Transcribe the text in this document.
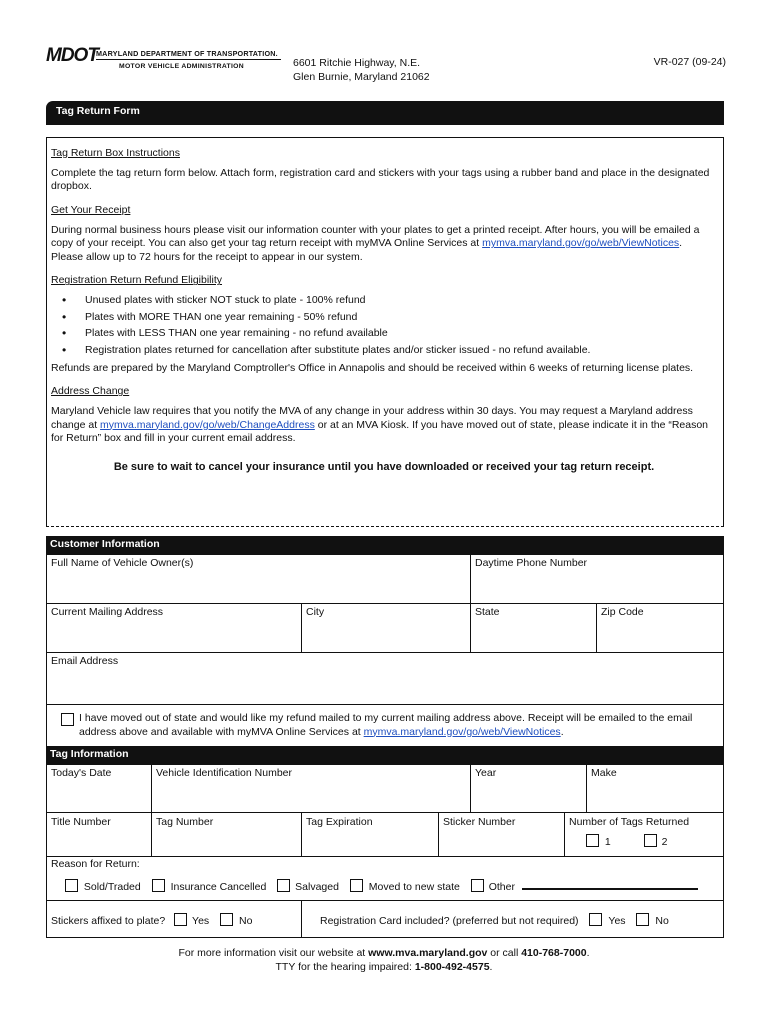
MDOT
MARYLAND DEPARTMENT OF TRANSPORTATION.
MOTOR VEHICLE ADMINISTRATION	6601 Ritchie Highway, N.E.
Glen Burnie, Maryland 21062
VR-027 (09-24)
Tag Return Form
Tag Return Box Instructions

Complete the tag return form below. Attach form, registration card and stickers with your tags using a rubber band and place in the designated dropbox.

Get Your Receipt

During normal business hours please visit our information counter with your plates to get a printed receipt. After hours, you will be emailed a copy of your receipt. You can also get your tag return receipt with myMVA Online Services at mymva.maryland.gov/go/web/ViewNotices. Please allow up to 72 hours for the receipt to appear in our system.

Registration Return Refund Eligibility
• Unused plates with sticker NOT stuck to plate - 100% refund
• Plates with MORE THAN one year remaining - 50% refund
• Plates with LESS THAN one year remaining - no refund available
• Registration plates returned for cancellation after substitute plates and/or sticker issued - no refund available.

Refunds are prepared by the Maryland Comptroller's Office in Annapolis and should be received within 6 weeks of returning license plates.

Address Change

Maryland Vehicle law requires that you notify the MVA of any change in your address within 30 days. You may request a Maryland address change at mymva.maryland.gov/go/web/ChangeAddress or at an MVA Kiosk. If you have moved out of state, please indicate it in the “Reason for Return” box and fill in your current email address.

Be sure to wait to cancel your insurance until you have downloaded or received your tag return receipt.
Customer Information
Full Name of Vehicle Owner(s)	Daytime Phone Number
Current Mailing Address	City	State	Zip Code
Email Address
I have moved out of state and would like my refund mailed to my current mailing address above. Receipt will be emailed to the email address above and available with myMVA Online Services at mymva.maryland.gov/go/web/ViewNotices.
Tag Information
Today's Date	Vehicle Identification Number	Year	Make
Title Number	Tag Number	Tag Expiration	Sticker Number	Number of Tags Returned
1	2
Reason for Return:
Sold/Traded	Insurance Cancelled	Salvaged	Moved to new state	Other
Stickers affixed to plate?	Yes	No	Registration Card included? (preferred but not required)	Yes	No
For more information visit our website at www.mva.maryland.gov or call 410-768-7000.
TTY for the hearing impaired: 1-800-492-4575.
